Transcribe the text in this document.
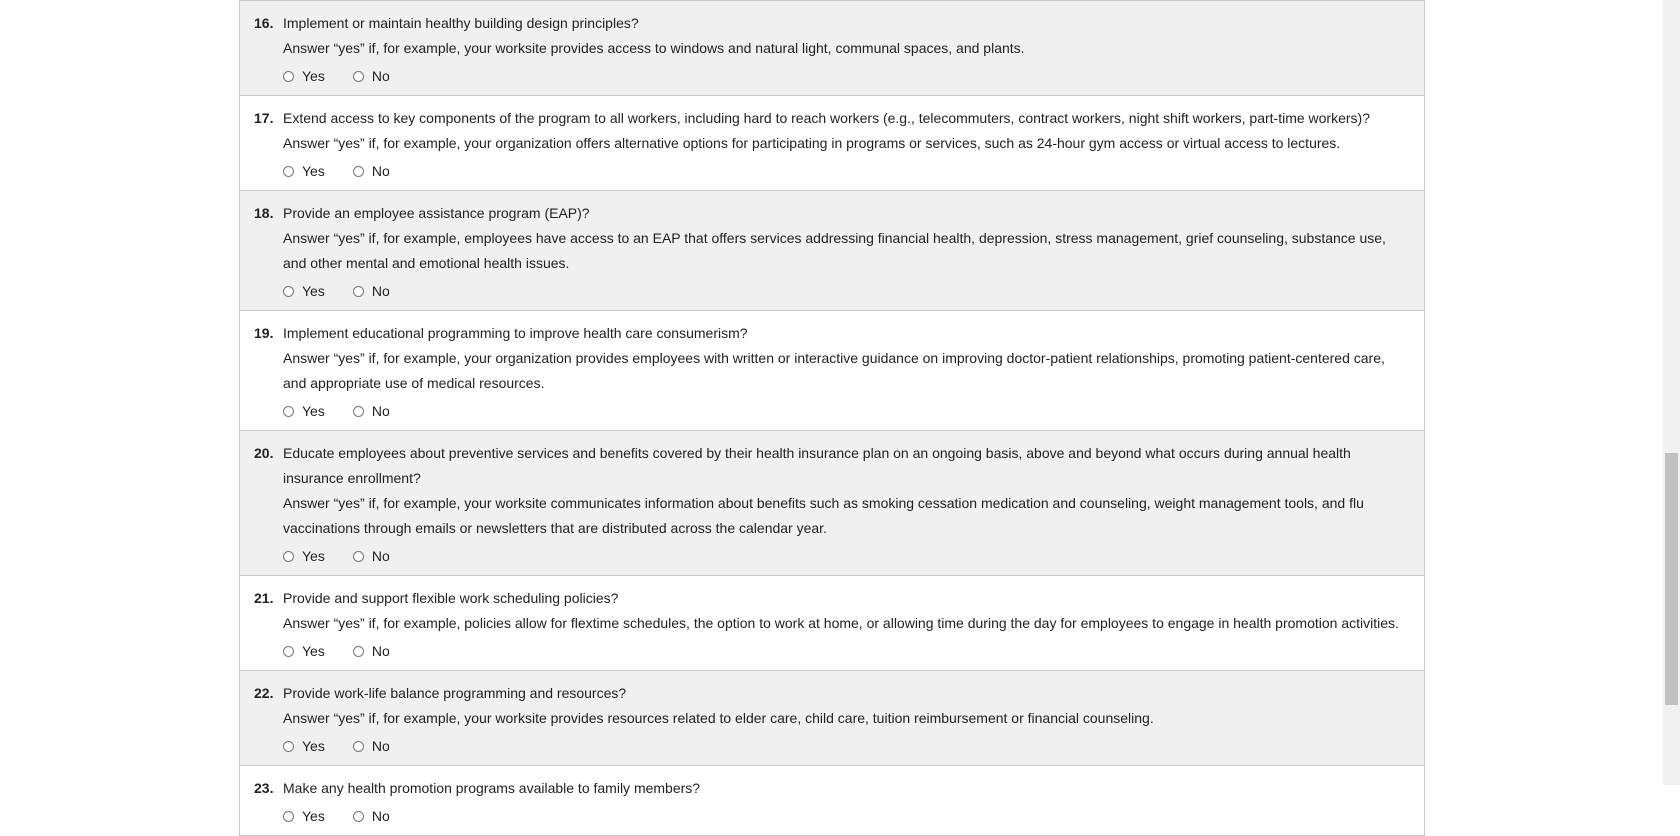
16. Implement or maintain healthy building design principles?
Answer “yes” if, for example, your worksite provides access to windows and natural light, communal spaces, and plants.
Yes	No
17. Extend access to key components of the program to all workers, including hard to reach workers (e.g., telecommuters, contract workers, night shift workers, part-time workers)?
Answer “yes” if, for example, your organization offers alternative options for participating in programs or services, such as 24-hour gym access or virtual access to lectures.
Yes	No
18. Provide an employee assistance program (EAP)?
Answer “yes” if, for example, employees have access to an EAP that offers services addressing financial health, depression, stress management, grief counseling, substance use, and other mental and emotional health issues.
Yes	No
19. Implement educational programming to improve health care consumerism?
Answer “yes” if, for example, your organization provides employees with written or interactive guidance on improving doctor-patient relationships, promoting patient-centered care, and appropriate use of medical resources.
Yes	No
20. Educate employees about preventive services and benefits covered by their health insurance plan on an ongoing basis, above and beyond what occurs during annual health insurance enrollment?
Answer “yes” if, for example, your worksite communicates information about benefits such as smoking cessation medication and counseling, weight management tools, and flu vaccinations through emails or newsletters that are distributed across the calendar year.
Yes	No
21. Provide and support flexible work scheduling policies?
Answer “yes” if, for example, policies allow for flextime schedules, the option to work at home, or allowing time during the day for employees to engage in health promotion activities.
Yes	No
22. Provide work-life balance programming and resources?
Answer “yes” if, for example, your worksite provides resources related to elder care, child care, tuition reimbursement or financial counseling.
Yes	No
23. Make any health promotion programs available to family members?
Yes	No
